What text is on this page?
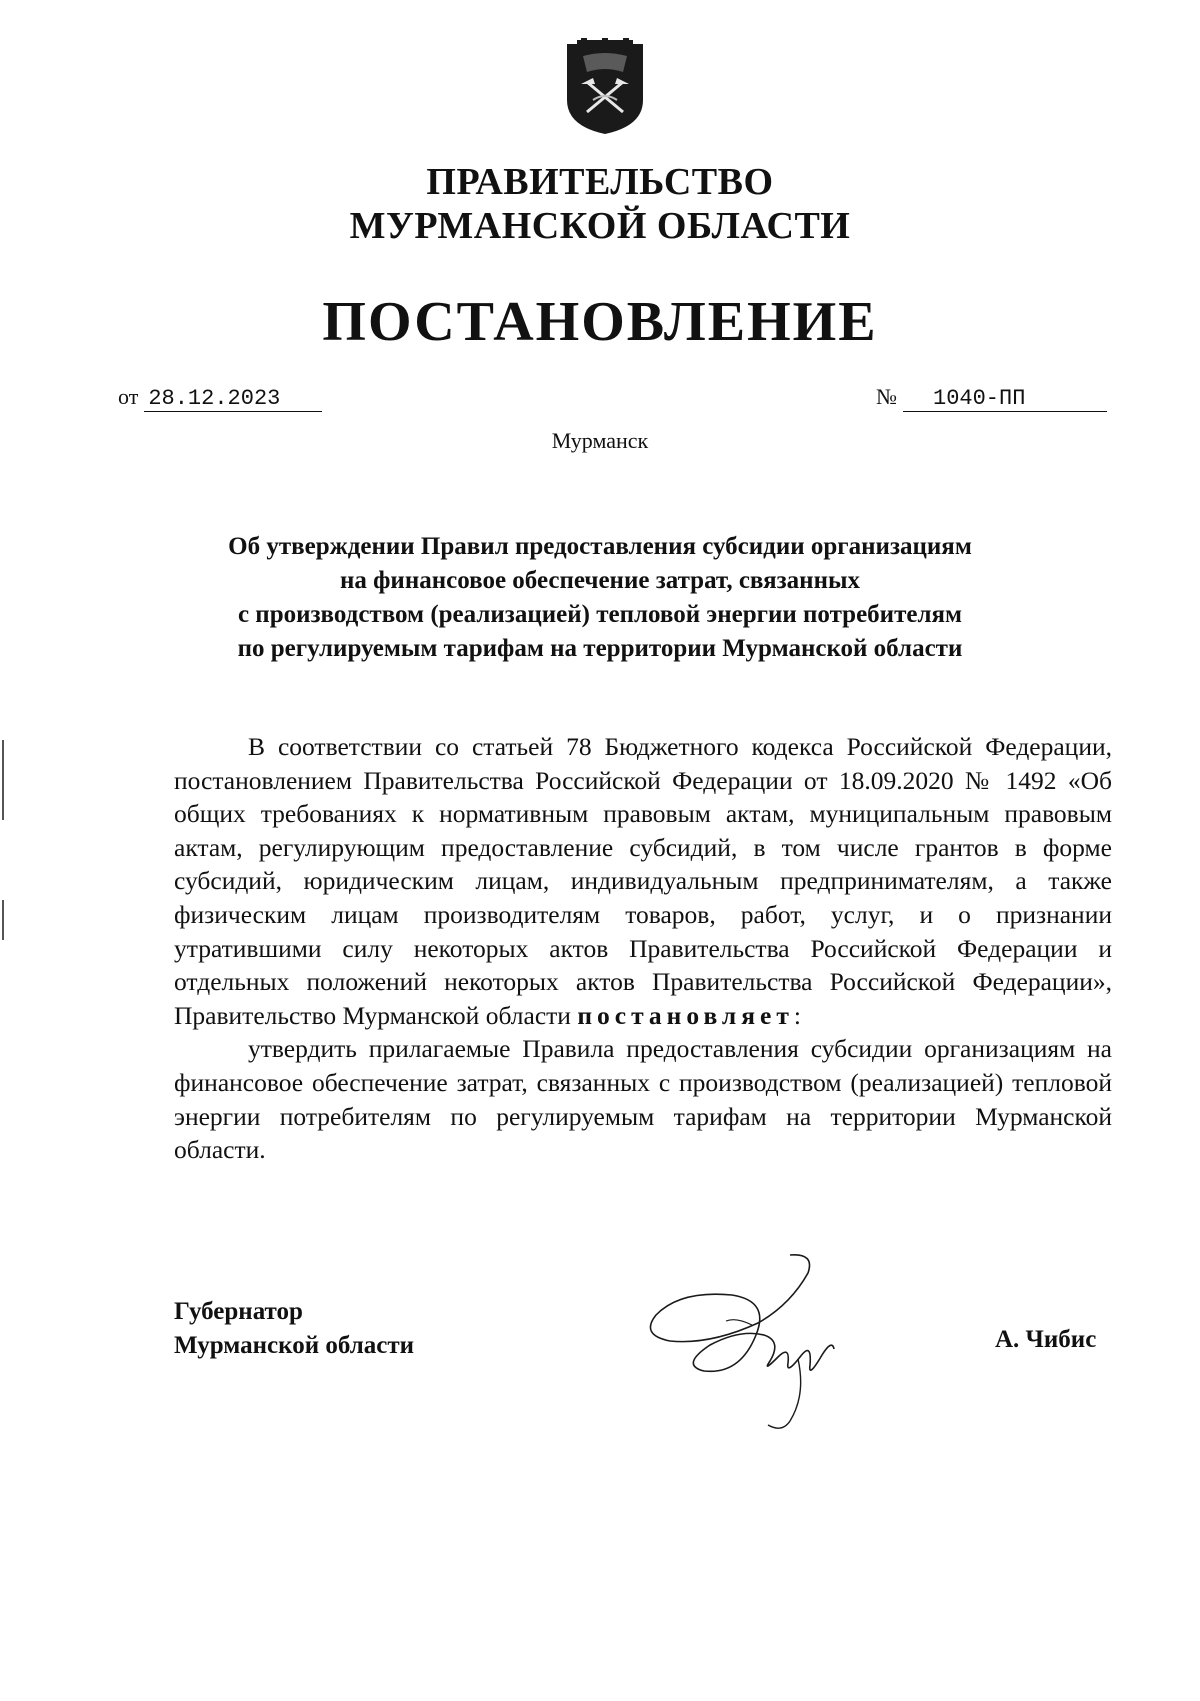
ПРАВИТЕЛЬСТВО
МУРМАНСКОЙ ОБЛАСТИ
ПОСТАНОВЛЕНИЕ
от 28.12.2023	№ 1040-ПП
Мурманск
Об утверждении Правил предоставления субсидии организациям
на финансовое обеспечение затрат, связанных
с производством (реализацией) тепловой энергии потребителям
по регулируемым тарифам на территории Мурманской области

В соответствии со статьей 78 Бюджетного кодекса Российской Федерации, постановлением Правительства Российской Федерации от 18.09.2020 № 1492 «Об общих требованиях к нормативным правовым актам, муниципальным правовым актам, регулирующим предоставление субсидий, в том числе грантов в форме субсидий, юридическим лицам, индивидуальным предпринимателям, а также физическим лицам производителям товаров, работ, услуг, и о признании утратившими силу некоторых актов Правительства Российской Федерации и отдельных положений некоторых актов Правительства Российской Федерации», Правительство Мурманской области постановляет:

утвердить прилагаемые Правила предоставления субсидии организациям на финансовое обеспечение затрат, связанных с производством (реализацией) тепловой энергии потребителям по регулируемым тарифам на территории Мурманской области.

Губернатор
Мурманской области	А. Чибис
